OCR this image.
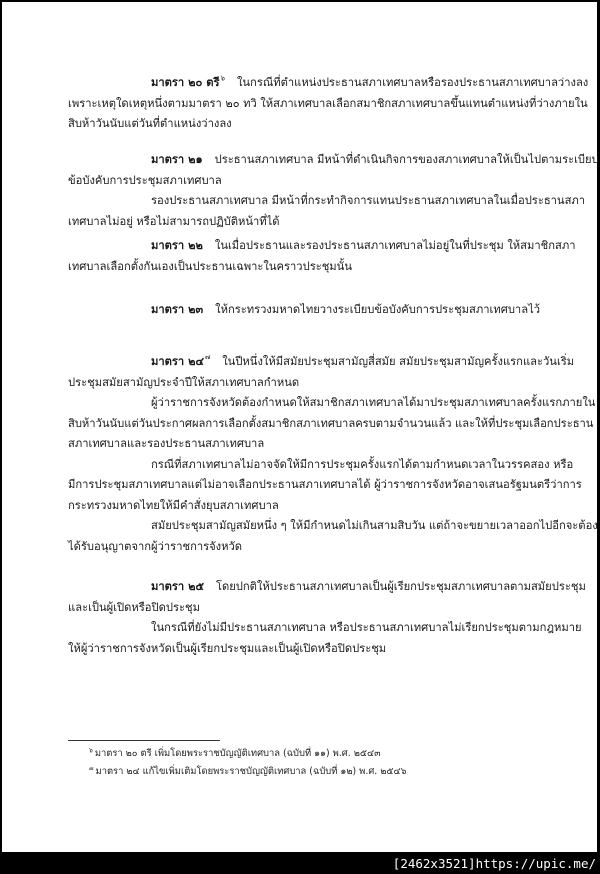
มาตรา ๒๐ ตรี$^๖$ ในกรณีที่ตำแหน่งประธานสภาเทศบาลหรือรองประธานสภาเทศบาลว่างลง
เพราะเหตุใดเหตุหนึ่งตามมาตรา ๒๐ ทวิ ให้สภาเทศบาลเลือกสมาชิกสภาเทศบาลขึ้นแทนตำแหน่งที่ว่างภายใน
สิบห้าวันนับแต่วันที่ตำแหน่งว่างลง
มาตรา ๒๑ ประธานสภาเทศบาล มีหน้าที่ดำเนินกิจการของสภาเทศบาลให้เป็นไปตามระเบียบ
ข้อบังคับการประชุมสภาเทศบาล
รองประธานสภาเทศบาล มีหน้าที่กระทำกิจการแทนประธานสภาเทศบาลในเมื่อประธานสภา
เทศบาลไม่อยู่ หรือไม่สามารถปฏิบัติหน้าที่ได้
มาตรา ๒๒ ในเมื่อประธานและรองประธานสภาเทศบาลไม่อยู่ในที่ประชุม ให้สมาชิกสภา
เทศบาลเลือกตั้งกันเองเป็นประธานเฉพาะในคราวประชุมนั้น
มาตรา ๒๓ ให้กระทรวงมหาดไทยวางระเบียบข้อบังคับการประชุมสภาเทศบาลไว้
มาตรา ๒๔$^๗$ ในปีหนึ่งให้มีสมัยประชุมสามัญสี่สมัย สมัยประชุมสามัญครั้งแรกและวันเริ่ม
ประชุมสมัยสามัญประจำปีให้สภาเทศบาลกำหนด
ผู้ว่าราชการจังหวัดต้องกำหนดให้สมาชิกสภาเทศบาลได้มาประชุมสภาเทศบาลครั้งแรกภายใน
สิบห้าวันนับแต่วันประกาศผลการเลือกตั้งสมาชิกสภาเทศบาลครบตามจำนวนแล้ว และให้ที่ประชุมเลือกประธาน
สภาเทศบาลและรองประธานสภาเทศบาล
กรณีที่สภาเทศบาลไม่อาจจัดให้มีการประชุมครั้งแรกได้ตามกำหนดเวลาในวรรคสอง หรือ
มีการประชุมสภาเทศบาลแต่ไม่อาจเลือกประธานสภาเทศบาลได้ ผู้ว่าราชการจังหวัดอาจเสนอรัฐมนตรีว่าการ
กระทรวงมหาดไทยให้มีคำสั่งยุบสภาเทศบาล
สมัยประชุมสามัญสมัยหนึ่ง ๆ ให้มีกำหนดไม่เกินสามสิบวัน แต่ถ้าจะขยายเวลาออกไปอีกจะต้อง
ได้รับอนุญาตจากผู้ว่าราชการจังหวัด
มาตรา ๒๕ โดยปกติให้ประธานสภาเทศบาลเป็นผู้เรียกประชุมสภาเทศบาลตามสมัยประชุม
และเป็นผู้เปิดหรือปิดประชุม
ในกรณีที่ยังไม่มีประธานสภาเทศบาล หรือประธานสภาเทศบาลไม่เรียกประชุมตามกฎหมาย
ให้ผู้ว่าราชการจังหวัดเป็นผู้เรียกประชุมและเป็นผู้เปิดหรือปิดประชุม
$^๖$ มาตรา ๒๐ ตรี เพิ่มโดยพระราชบัญญัติเทศบาล (ฉบับที่ ๑๑) พ.ศ. ๒๕๔๓
$^๗$ มาตรา ๒๔ แก้ไขเพิ่มเติมโดยพระราชบัญญัติเทศบาล (ฉบับที่ ๑๒) พ.ศ. ๒๕๔๖
[2462x3521]https://upic.me/
